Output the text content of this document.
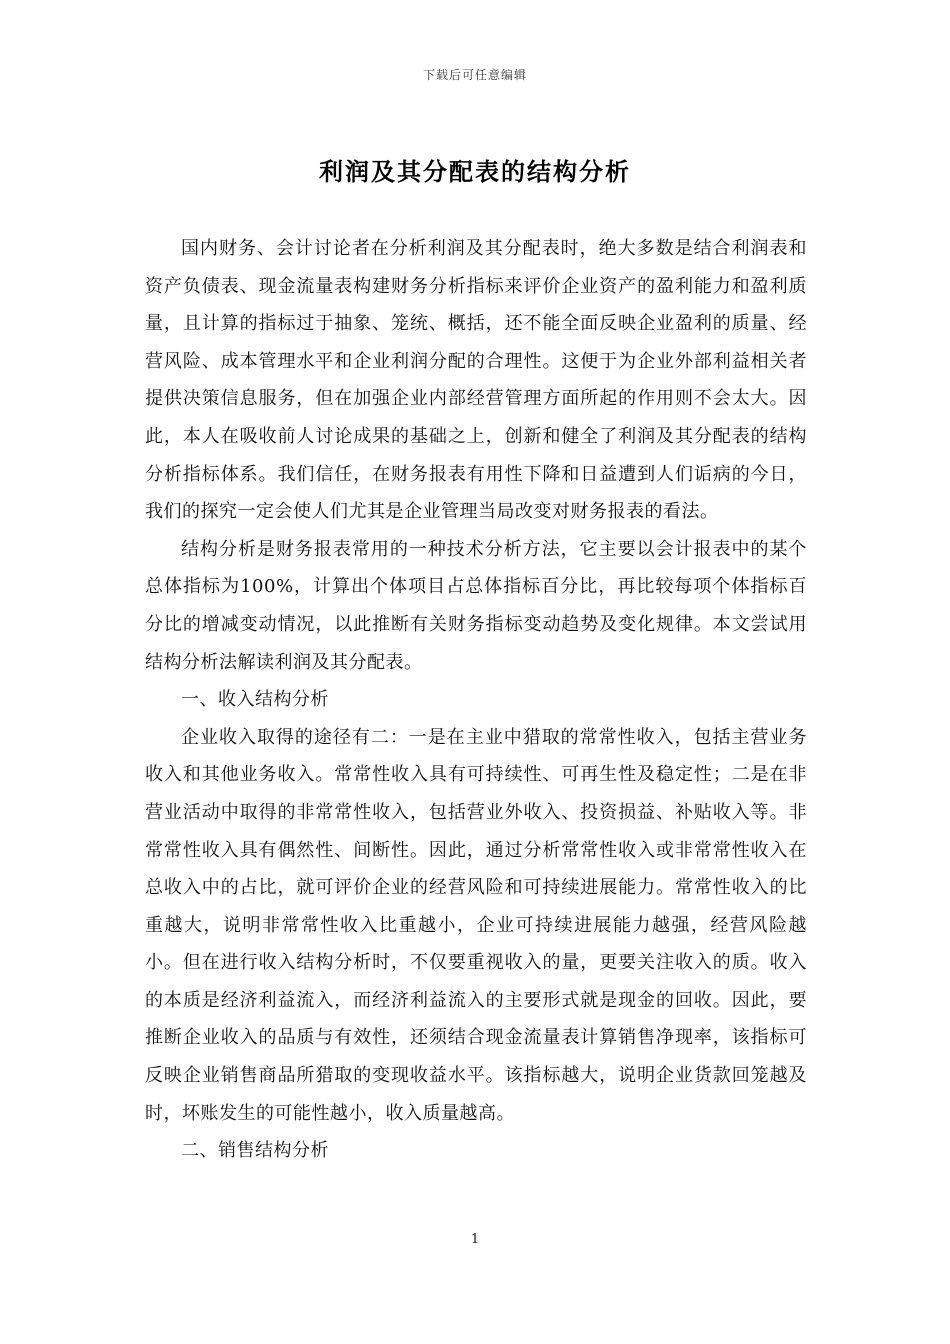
下载后可任意编辑
利润及其分配表的结构分析

国内财务、会计讨论者在分析利润及其分配表时，绝大多数是结合利润表和资产负债表、现金流量表构建财务分析指标来评价企业资产的盈利能力和盈利质量，且计算的指标过于抽象、笼统、概括，还不能全面反映企业盈利的质量、经营风险、成本管理水平和企业利润分配的合理性。这便于为企业外部利益相关者提供决策信息服务，但在加强企业内部经营管理方面所起的作用则不会太大。因此，本人在吸收前人讨论成果的基础之上，创新和健全了利润及其分配表的结构分析指标体系。我们信任，在财务报表有用性下降和日益遭到人们诟病的今日，我们的探究一定会使人们尤其是企业管理当局改变对财务报表的看法。

结构分析是财务报表常用的一种技术分析方法，它主要以会计报表中的某个总体指标为100%，计算出个体项目占总体指标百分比，再比较每项个体指标百分比的增减变动情况，以此推断有关财务指标变动趋势及变化规律。本文尝试用结构分析法解读利润及其分配表。

一、收入结构分析

企业收入取得的途径有二：一是在主业中猎取的常常性收入，包括主营业务收入和其他业务收入。常常性收入具有可持续性、可再生性及稳定性；二是在非营业活动中取得的非常常性收入，包括营业外收入、投资损益、补贴收入等。非常常性收入具有偶然性、间断性。因此，通过分析常常性收入或非常常性收入在总收入中的占比，就可评价企业的经营风险和可持续进展能力。常常性收入的比重越大，说明非常常性收入比重越小，企业可持续进展能力越强，经营风险越小。但在进行收入结构分析时，不仅要重视收入的量，更要关注收入的质。收入的本质是经济利益流入，而经济利益流入的主要形式就是现金的回收。因此，要推断企业收入的品质与有效性，还须结合现金流量表计算销售净现率，该指标可反映企业销售商品所猎取的变现收益水平。该指标越大，说明企业货款回笼越及时，坏账发生的可能性越小，收入质量越高。

二、销售结构分析

1
